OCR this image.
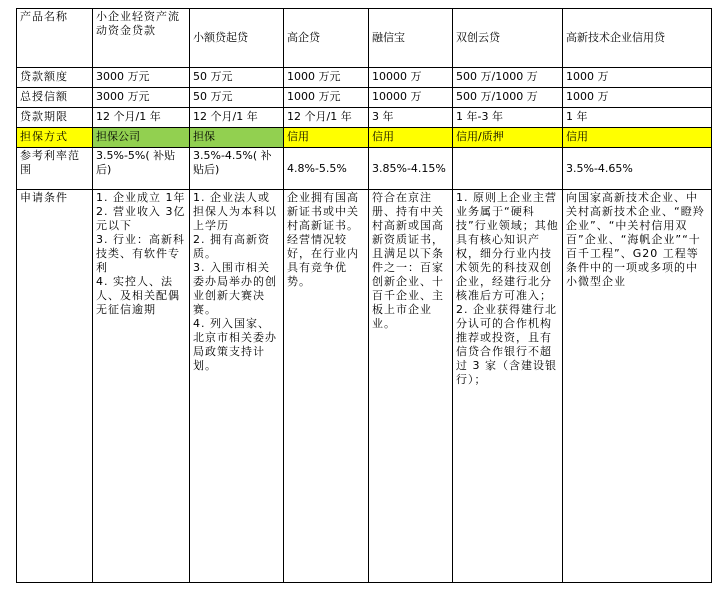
产品名称	小企业轻资产流动资金贷款	小额贷起贷	高企贷	融信宝	双创云贷	高新技术企业信用贷
贷款额度	3000 万元	50 万元	1000 万元	10000 万	500 万/1000 万	1000 万
总授信额	3000 万元	50 万元	1000 万元	10000 万	500 万/1000 万	1000 万
贷款期限	12 个月/1 年	12 个月/1 年	12 个月/1 年	3 年	1 年-3 年	1 年
担保方式	担保公司	担保	信用	信用	信用/质押	信用
参考利率范围	3.5%-5%( 补贴后)	3.5%-4.5%( 补贴后)	4.8%-5.5%	3.85%-4.15%		3.5%-4.65%
申请条件	1. 企业成立 1年
2. 营业收入 3亿元以下
3. 行业：高新科技类、有软件专利
4. 实控人、法人、及相关配偶无征信逾期	1. 企业法人或担保人为本科以上学历
2. 拥有高新资质。
3. 入围市相关委办局举办的创业创新大赛决赛。
4. 列入国家、北京市相关委办局政策支持计划。	企业拥有国高新证书或中关村高新证书。经营情况较好，在行业内具有竞争优势。	符合在京注册、持有中关村高新或国高新资质证书，且满足以下条件之一：百家创新企业、十百千企业、主板上市企业业。	1. 原则上企业主营业务属于“硬科技”行业领域；其他具有核心知识产权，细分行业内技术领先的科技双创企业，经建行北分核准后方可准入；
2. 企业获得建行北分认可的合作机构推荐或投资，且有信贷合作银行不超过 3 家（含建设银行）；	向国家高新技术企业、中关村高新技术企业、“瞪羚企业”、“中关村信用双百”企业、“海帆企业”“十百千工程”、G20 工程等条件中的一项或多项的中小微型企业
